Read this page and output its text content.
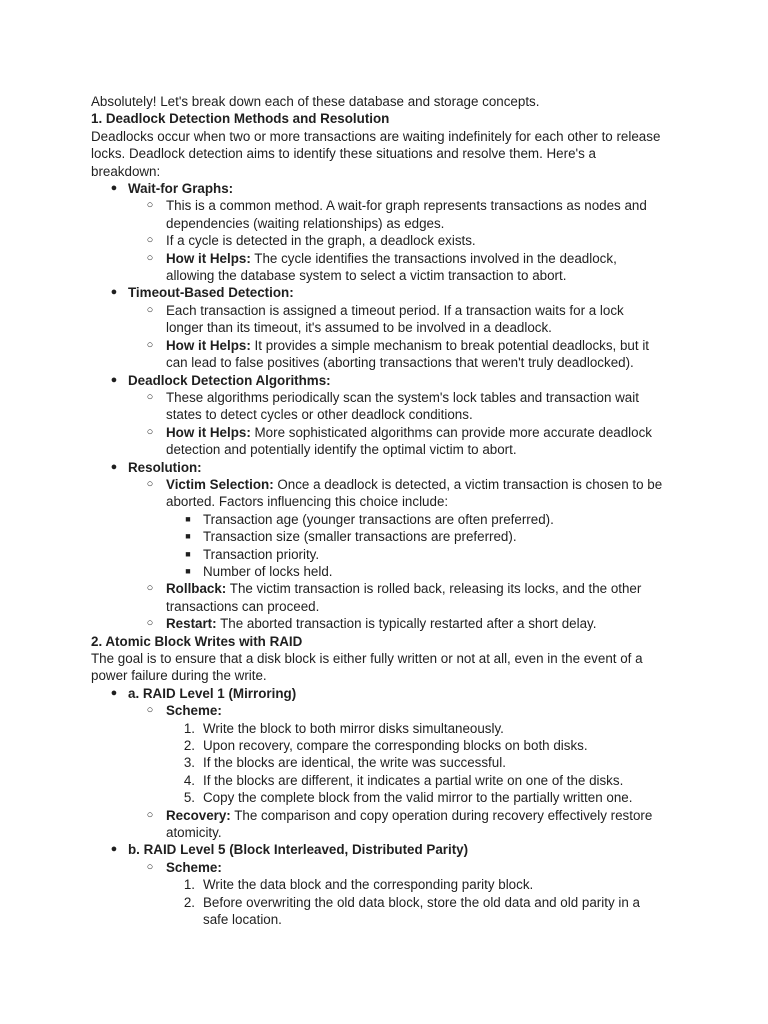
Absolutely! Let's break down each of these database and storage concepts.
1. Deadlock Detection Methods and Resolution
Deadlocks occur when two or more transactions are waiting indefinitely for each other to release
locks. Deadlock detection aims to identify these situations and resolve them. Here's a
breakdown:
● Wait-for Graphs:
○ This is a common method. A wait-for graph represents transactions as nodes and
dependencies (waiting relationships) as edges.
○ If a cycle is detected in the graph, a deadlock exists.
○ How it Helps: The cycle identifies the transactions involved in the deadlock,
allowing the database system to select a victim transaction to abort.
● Timeout-Based Detection:
○ Each transaction is assigned a timeout period. If a transaction waits for a lock
longer than its timeout, it's assumed to be involved in a deadlock.
○ How it Helps: It provides a simple mechanism to break potential deadlocks, but it
can lead to false positives (aborting transactions that weren't truly deadlocked).
● Deadlock Detection Algorithms:
○ These algorithms periodically scan the system's lock tables and transaction wait
states to detect cycles or other deadlock conditions.
○ How it Helps: More sophisticated algorithms can provide more accurate deadlock
detection and potentially identify the optimal victim to abort.
● Resolution:
○ Victim Selection: Once a deadlock is detected, a victim transaction is chosen to be
aborted. Factors influencing this choice include:
■ Transaction age (younger transactions are often preferred).
■ Transaction size (smaller transactions are preferred).
■ Transaction priority.
■ Number of locks held.
○ Rollback: The victim transaction is rolled back, releasing its locks, and the other
transactions can proceed.
○ Restart: The aborted transaction is typically restarted after a short delay.
2. Atomic Block Writes with RAID
The goal is to ensure that a disk block is either fully written or not at all, even in the event of a
power failure during the write.
● a. RAID Level 1 (Mirroring)
○ Scheme:
1. Write the block to both mirror disks simultaneously.
2. Upon recovery, compare the corresponding blocks on both disks.
3. If the blocks are identical, the write was successful.
4. If the blocks are different, it indicates a partial write on one of the disks.
5. Copy the complete block from the valid mirror to the partially written one.
○ Recovery: The comparison and copy operation during recovery effectively restore
atomicity.
● b. RAID Level 5 (Block Interleaved, Distributed Parity)
○ Scheme:
1. Write the data block and the corresponding parity block.
2. Before overwriting the old data block, store the old data and old parity in a
safe location.
